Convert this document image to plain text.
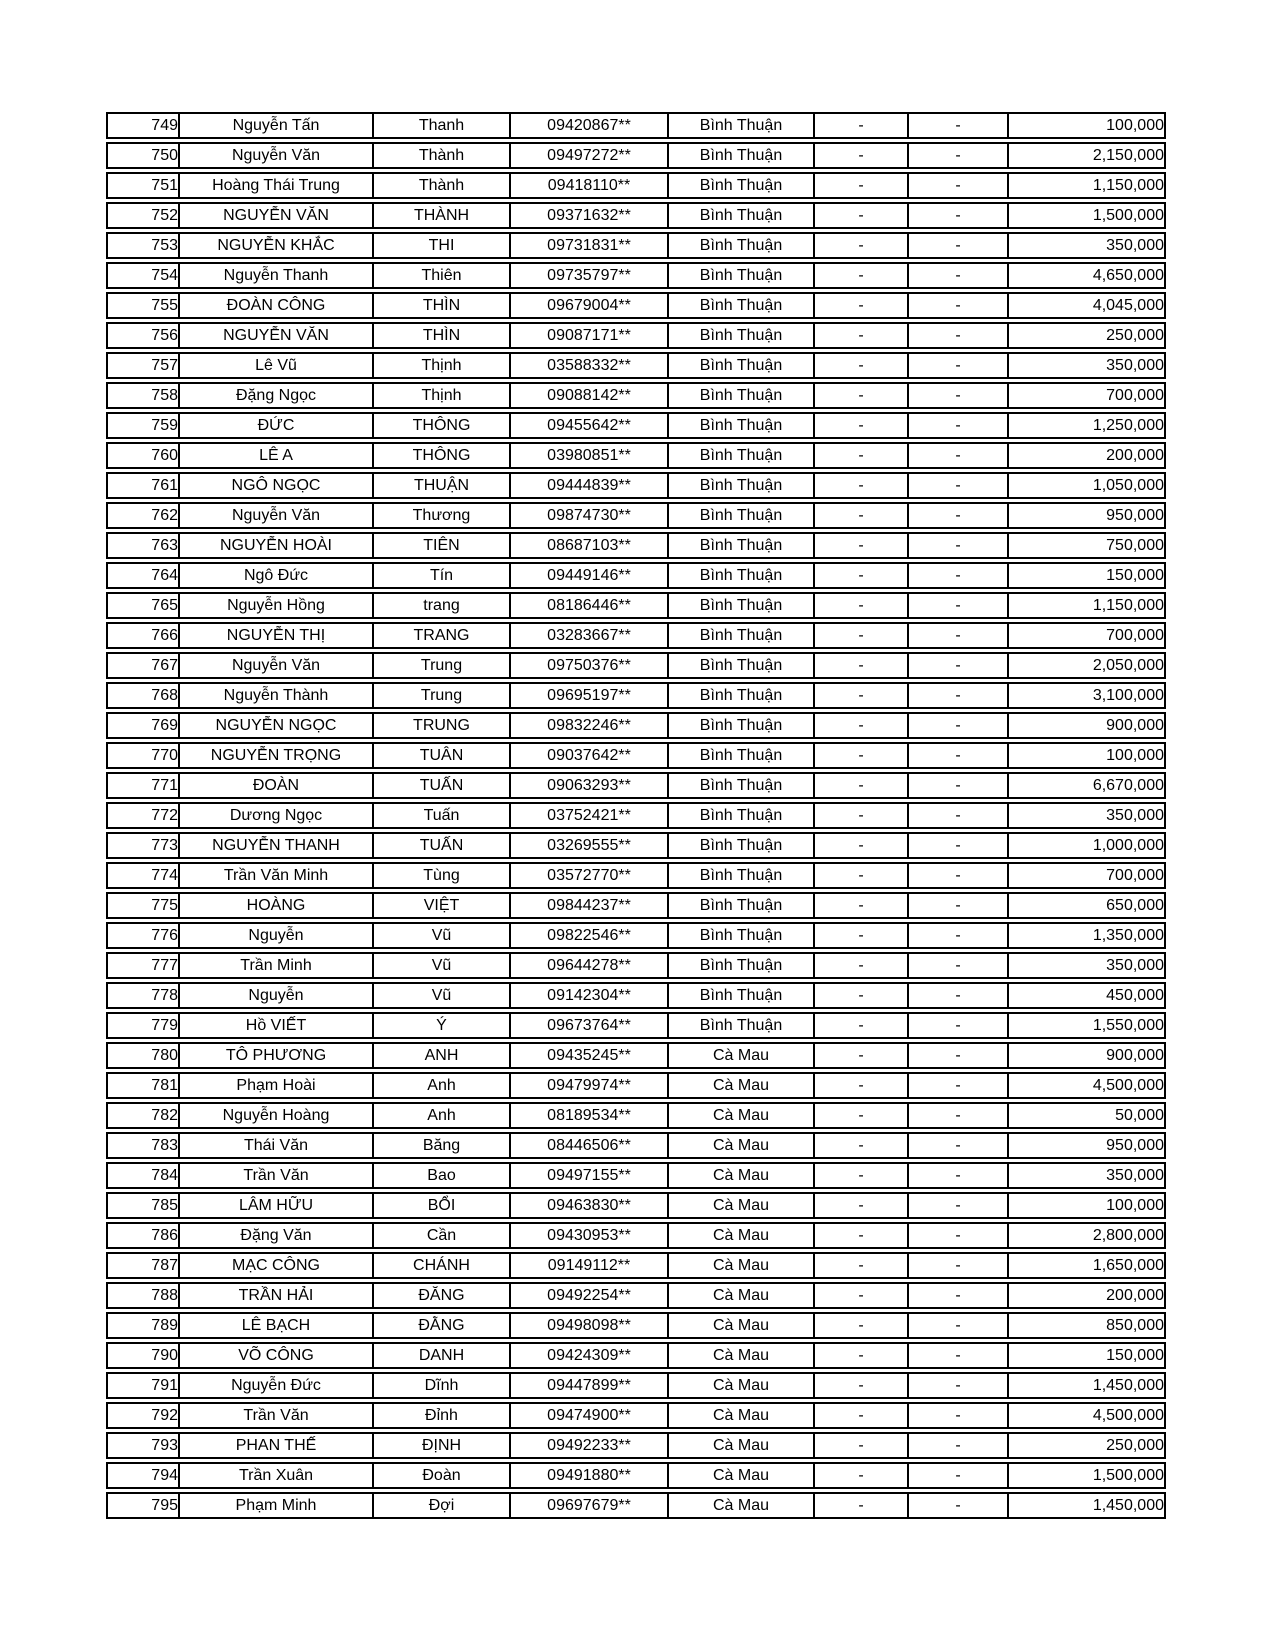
749	Nguyễn Tấn	Thanh	09420867**	Bình Thuận	-	-	100,000
750	Nguyễn Văn	Thành	09497272**	Bình Thuận	-	-	2,150,000
751	Hoàng Thái Trung	Thành	09418110**	Bình Thuận	-	-	1,150,000
752	NGUYỄN VĂN	THÀNH	09371632**	Bình Thuận	-	-	1,500,000
753	NGUYỄN KHẮC	THI	09731831**	Bình Thuận	-	-	350,000
754	Nguyễn Thanh	Thiên	09735797**	Bình Thuận	-	-	4,650,000
755	ĐOÀN CÔNG	THÌN	09679004**	Bình Thuận	-	-	4,045,000
756	NGUYỄN VĂN	THÌN	09087171**	Bình Thuận	-	-	250,000
757	Lê Vũ	Thịnh	03588332**	Bình Thuận	-	-	350,000
758	Đặng Ngọc	Thịnh	09088142**	Bình Thuận	-	-	700,000
759	ĐỨC	THÔNG	09455642**	Bình Thuận	-	-	1,250,000
760	LÊ A	THÔNG	03980851**	Bình Thuận	-	-	200,000
761	NGÔ NGỌC	THUẬN	09444839**	Bình Thuận	-	-	1,050,000
762	Nguyễn Văn	Thương	09874730**	Bình Thuận	-	-	950,000
763	NGUYỄN HOÀI	TIÊN	08687103**	Bình Thuận	-	-	750,000
764	Ngô Đức	Tín	09449146**	Bình Thuận	-	-	150,000
765	Nguyễn Hồng	trang	08186446**	Bình Thuận	-	-	1,150,000
766	NGUYỄN THỊ	TRANG	03283667**	Bình Thuận	-	-	700,000
767	Nguyễn Văn	Trung	09750376**	Bình Thuận	-	-	2,050,000
768	Nguyễn Thành	Trung	09695197**	Bình Thuận	-	-	3,100,000
769	NGUYỄN NGỌC	TRUNG	09832246**	Bình Thuận	-	-	900,000
770	NGUYỄN TRỌNG	TUÂN	09037642**	Bình Thuận	-	-	100,000
771	ĐOÀN	TUẤN	09063293**	Bình Thuận	-	-	6,670,000
772	Dương Ngọc	Tuấn	03752421**	Bình Thuận	-	-	350,000
773	NGUYỄN THANH	TUẤN	03269555**	Bình Thuận	-	-	1,000,000
774	Trần Văn Minh	Tùng	03572770**	Bình Thuận	-	-	700,000
775	HOÀNG	VIỆT	09844237**	Bình Thuận	-	-	650,000
776	Nguyễn	Vũ	09822546**	Bình Thuận	-	-	1,350,000
777	Trần Minh	Vũ	09644278**	Bình Thuận	-	-	350,000
778	Nguyễn	Vũ	09142304**	Bình Thuận	-	-	450,000
779	Hồ VIẾT	Ý	09673764**	Bình Thuận	-	-	1,550,000
780	TÔ PHƯƠNG	ANH	09435245**	Cà Mau	-	-	900,000
781	Phạm Hoài	Anh	09479974**	Cà Mau	-	-	4,500,000
782	Nguyễn Hoàng	Anh	08189534**	Cà Mau	-	-	50,000
783	Thái Văn	Băng	08446506**	Cà Mau	-	-	950,000
784	Trần Văn	Bao	09497155**	Cà Mau	-	-	350,000
785	LÂM HỮU	BỔI	09463830**	Cà Mau	-	-	100,000
786	Đặng Văn	Cần	09430953**	Cà Mau	-	-	2,800,000
787	MẠC CÔNG	CHÁNH	09149112**	Cà Mau	-	-	1,650,000
788	TRẦN HẢI	ĐĂNG	09492254**	Cà Mau	-	-	200,000
789	LÊ BẠCH	ĐẰNG	09498098**	Cà Mau	-	-	850,000
790	VÕ CÔNG	DANH	09424309**	Cà Mau	-	-	150,000
791	Nguyễn Đức	Dĩnh	09447899**	Cà Mau	-	-	1,450,000
792	Trần Văn	Đỉnh	09474900**	Cà Mau	-	-	4,500,000
793	PHAN THẾ	ĐỊNH	09492233**	Cà Mau	-	-	250,000
794	Trần Xuân	Đoàn	09491880**	Cà Mau	-	-	1,500,000
795	Phạm Minh	Đợi	09697679**	Cà Mau	-	-	1,450,000
